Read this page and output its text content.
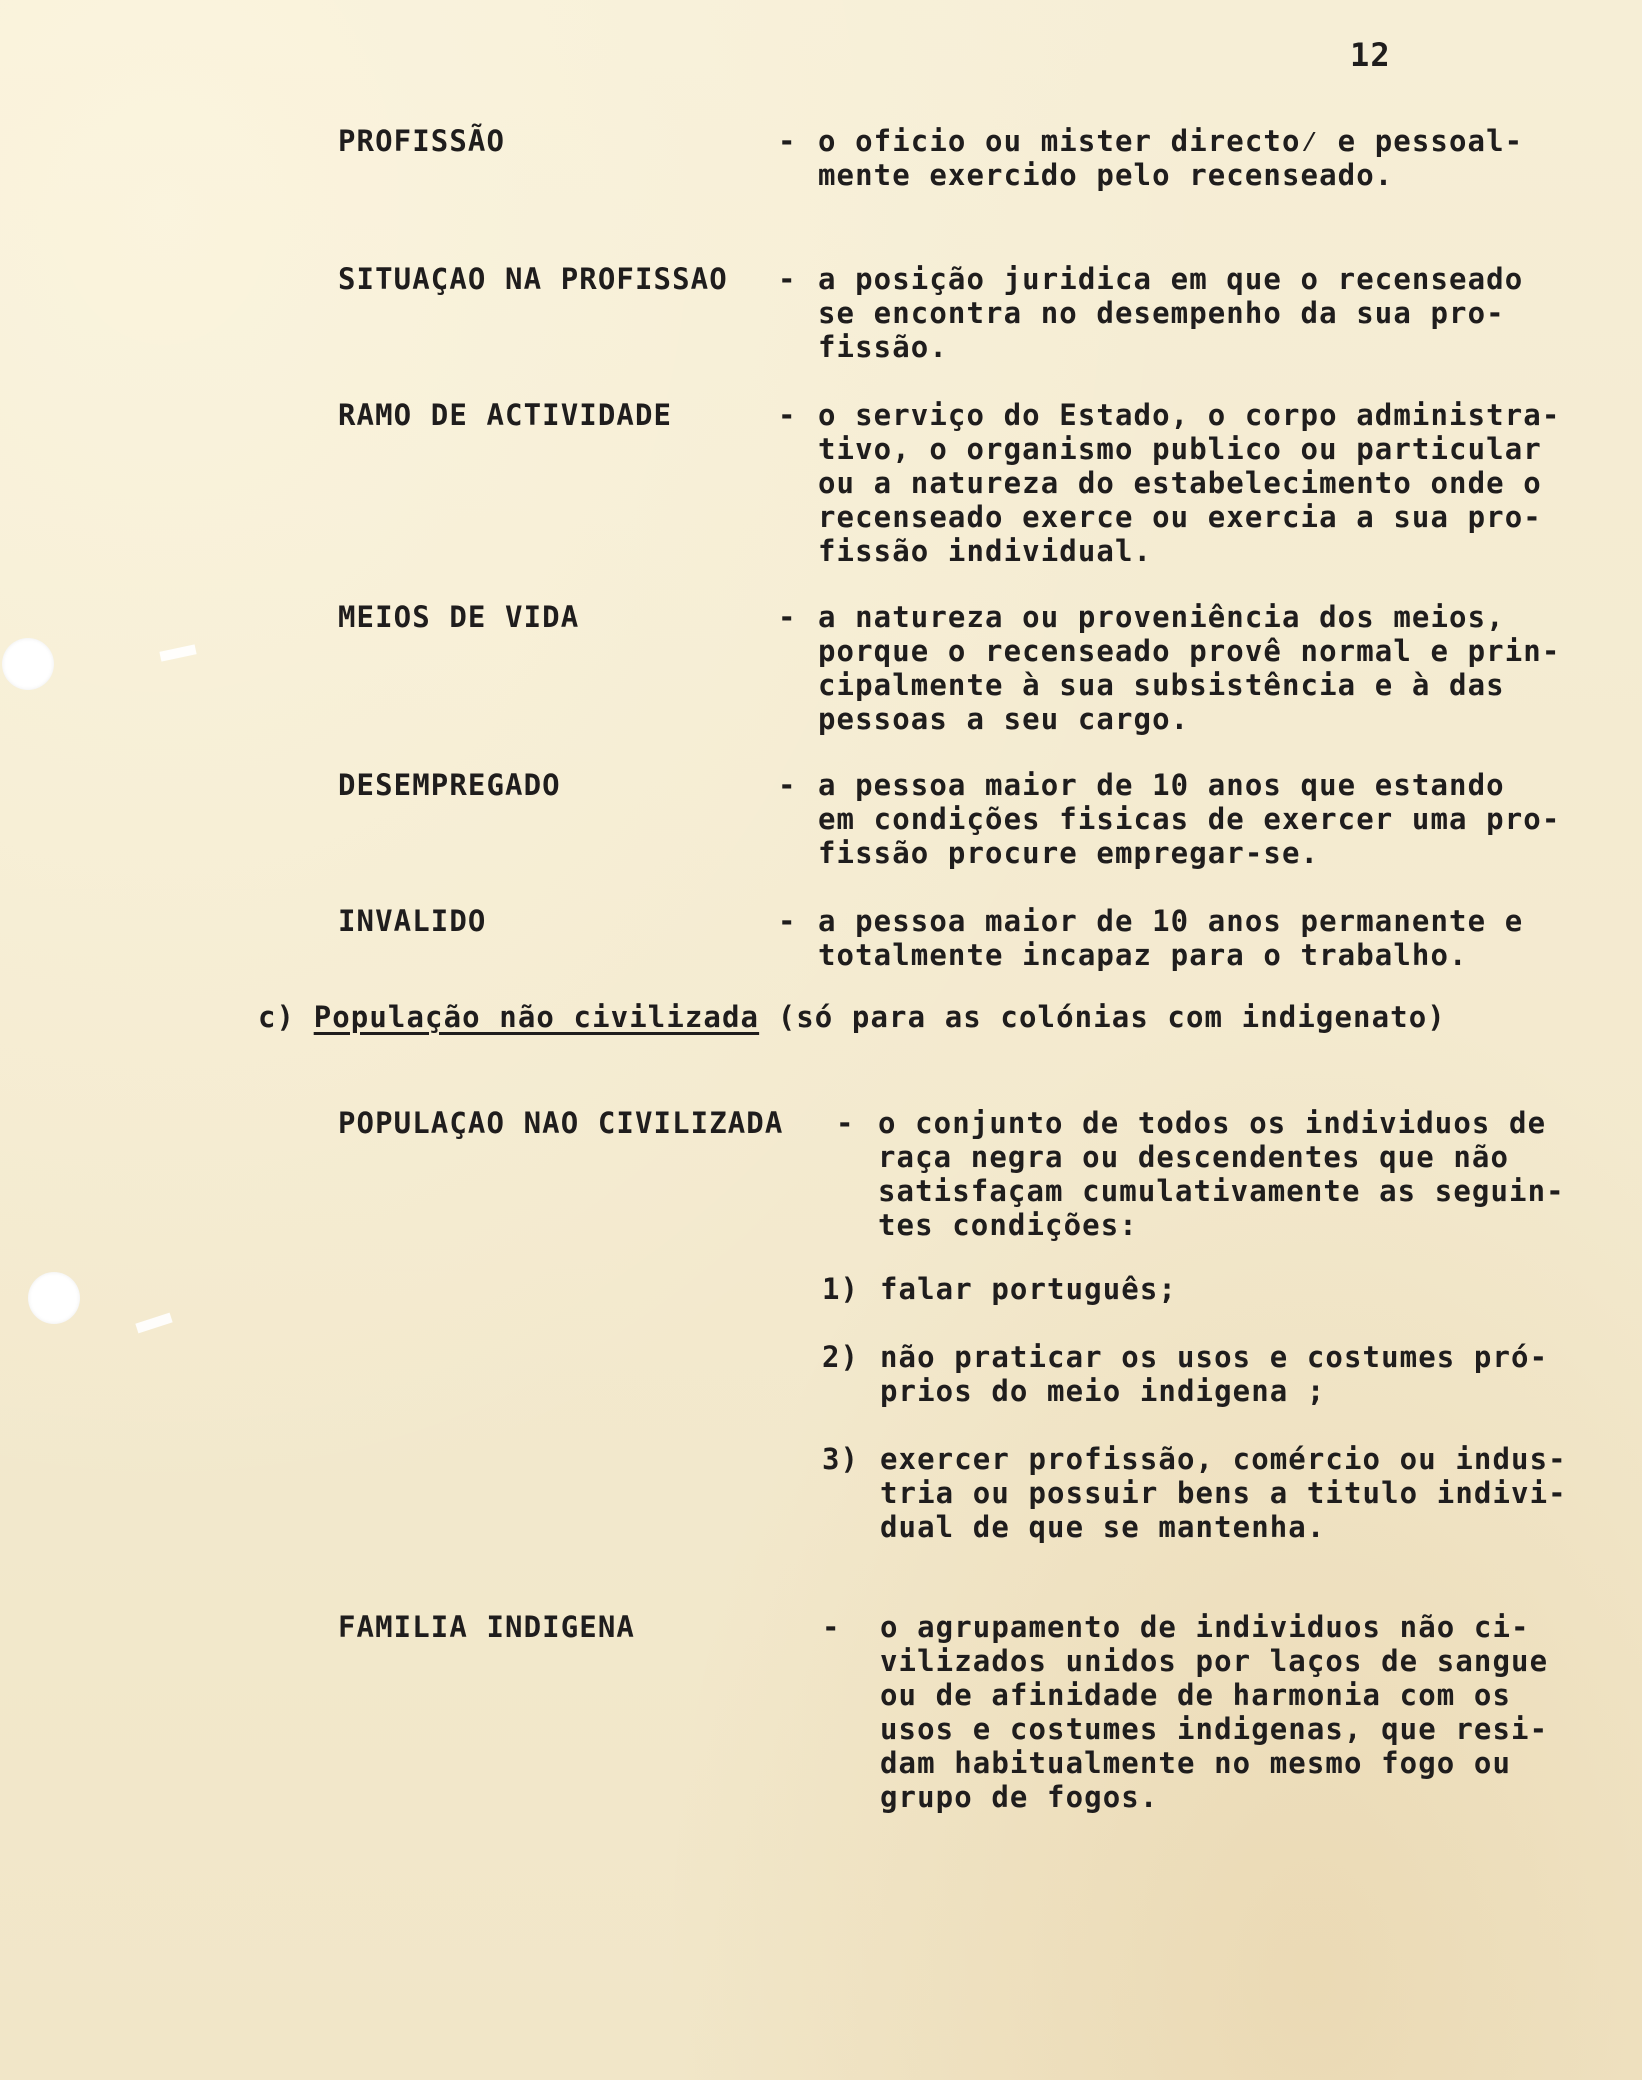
12
PROFISSÃO	- o oficio ou mister directo⁄ e pessoal-
mente exercido pelo recenseado.
SITUAÇAO NA PROFISSAO - a posição juridica em que o recenseado
se encontra no desempenho da sua pro-
fissão.
RAMO DE ACTIVIDADE	- o serviço do Estado, o corpo administra-
tivo, o organismo publico ou particular
ou a natureza do estabelecimento onde o
recenseado exerce ou exercia a sua pro-
fissão individual.
MEIOS DE VIDA	- a natureza ou proveniência dos meios,
porque o recenseado provê normal e prin-
cipalmente à sua subsistência e à das
pessoas a seu cargo.
DESEMPREGADO	- a pessoa maior de 10 anos que estando
em condições fisicas de exercer uma pro-
fissão procure empregar-se.
INVALIDO	- a pessoa maior de 10 anos permanente e
totalmente incapaz para o trabalho.
c) População não civilizada (só para as colónias com indigenato)
POPULAÇAO NAO CIVILIZADA - o conjunto de todos os individuos de
raça negra ou descendentes que não
satisfaçam cumulativamente as seguin-
tes condições:
1) falar português;
2) não praticar os usos e costumes pró-
prios do meio indigena ;
3) exercer profissão, comércio ou indus-
tria ou possuir bens a titulo indivi-
dual de que se mantenha.
FAMILIA INDIGENA	- o agrupamento de individuos não ci-
vilizados unidos por laços de sangue
ou de afinidade de harmonia com os
usos e costumes indigenas, que resi-
dam habitualmente no mesmo fogo ou
grupo de fogos.
